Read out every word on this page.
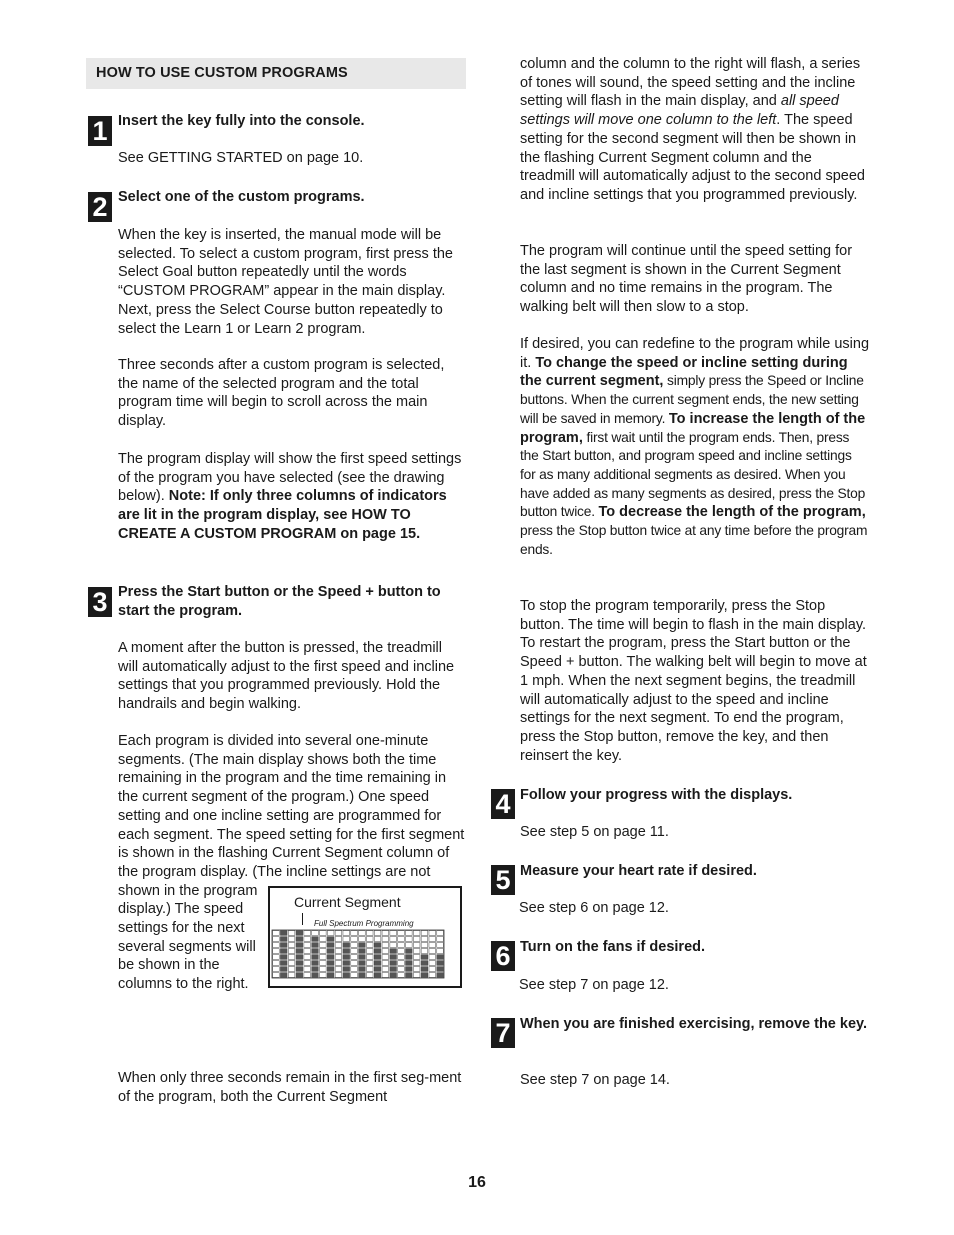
HOW TO USE CUSTOM PROGRAMS
1 Insert the key fully into the console.

See GETTING STARTED on page 10.

2 Select one of the custom programs.

When the key is inserted, the manual mode will be selected. To select a custom program, first press the Select Goal button repeatedly until the words “CUSTOM PROGRAM” appear in the main display. Next, press the Select Course button repeatedly to select the Learn 1 or Learn 2 program.

Three seconds after a custom program is selected, the name of the selected program and the total program time will begin to scroll across the main display.

The program display will show the first speed settings of the program you have selected (see the drawing below). Note: If only three columns of indicators are lit in the program display, see HOW TO CREATE A CUSTOM PROGRAM on page 15.

3 Press the Start button or the Speed + button to start the program.

A moment after the button is pressed, the treadmill will automatically adjust to the first speed and incline settings that you programmed previously. Hold the handrails and begin walking.

Each program is divided into several one-minute segments. (The main display shows both the time remaining in the program and the time remaining in the current segment of the program.) One speed setting and one incline setting are programmed for each segment. The speed setting for the first segment is shown in the flashing Current Segment column of the program display. (The incline settings are not shown in the program display.) The speed settings for the next several segments will be shown in the columns to the right.
Current Segment
Full Spectrum Programming

When only three seconds remain in the first seg-ment of the program, both the Current Segment

column and the column to the right will flash, a series of tones will sound, the speed setting and the incline setting will flash in the main display, and all speed settings will move one column to the left. The speed setting for the second segment will then be shown in the flashing Current Segment column and the treadmill will automatically adjust to the second speed and incline settings that you programmed previously.

The program will continue until the speed setting for the last segment is shown in the Current Segment column and no time remains in the program. The walking belt will then slow to a stop.

If desired, you can redefine to the program while using it. To change the speed or incline setting during the current segment, simply press the Speed or Incline buttons. When the current segment ends, the new setting will be saved in memory. To increase the length of the program, first wait until the program ends. Then, press the Start button, and program speed and incline settings for as many additional segments as desired. When you have added as many segments as desired, press the Stop button twice. To decrease the length of the program, press the Stop button twice at any time before the program ends.

To stop the program temporarily, press the Stop button. The time will begin to flash in the main display. To restart the program, press the Start button or the Speed + button. The walking belt will begin to move at 1 mph. When the next segment begins, the treadmill will automatically adjust to the speed and incline settings for the next segment. To end the program, press the Stop button, remove the key, and then reinsert the key.

4 Follow your progress with the displays.

See step 5 on page 11.

5 Measure your heart rate if desired.

See step 6 on page 12.

6 Turn on the fans if desired.

See step 7 on page 12.

7 When you are finished exercising, remove the key.

See step 7 on page 14.

16
